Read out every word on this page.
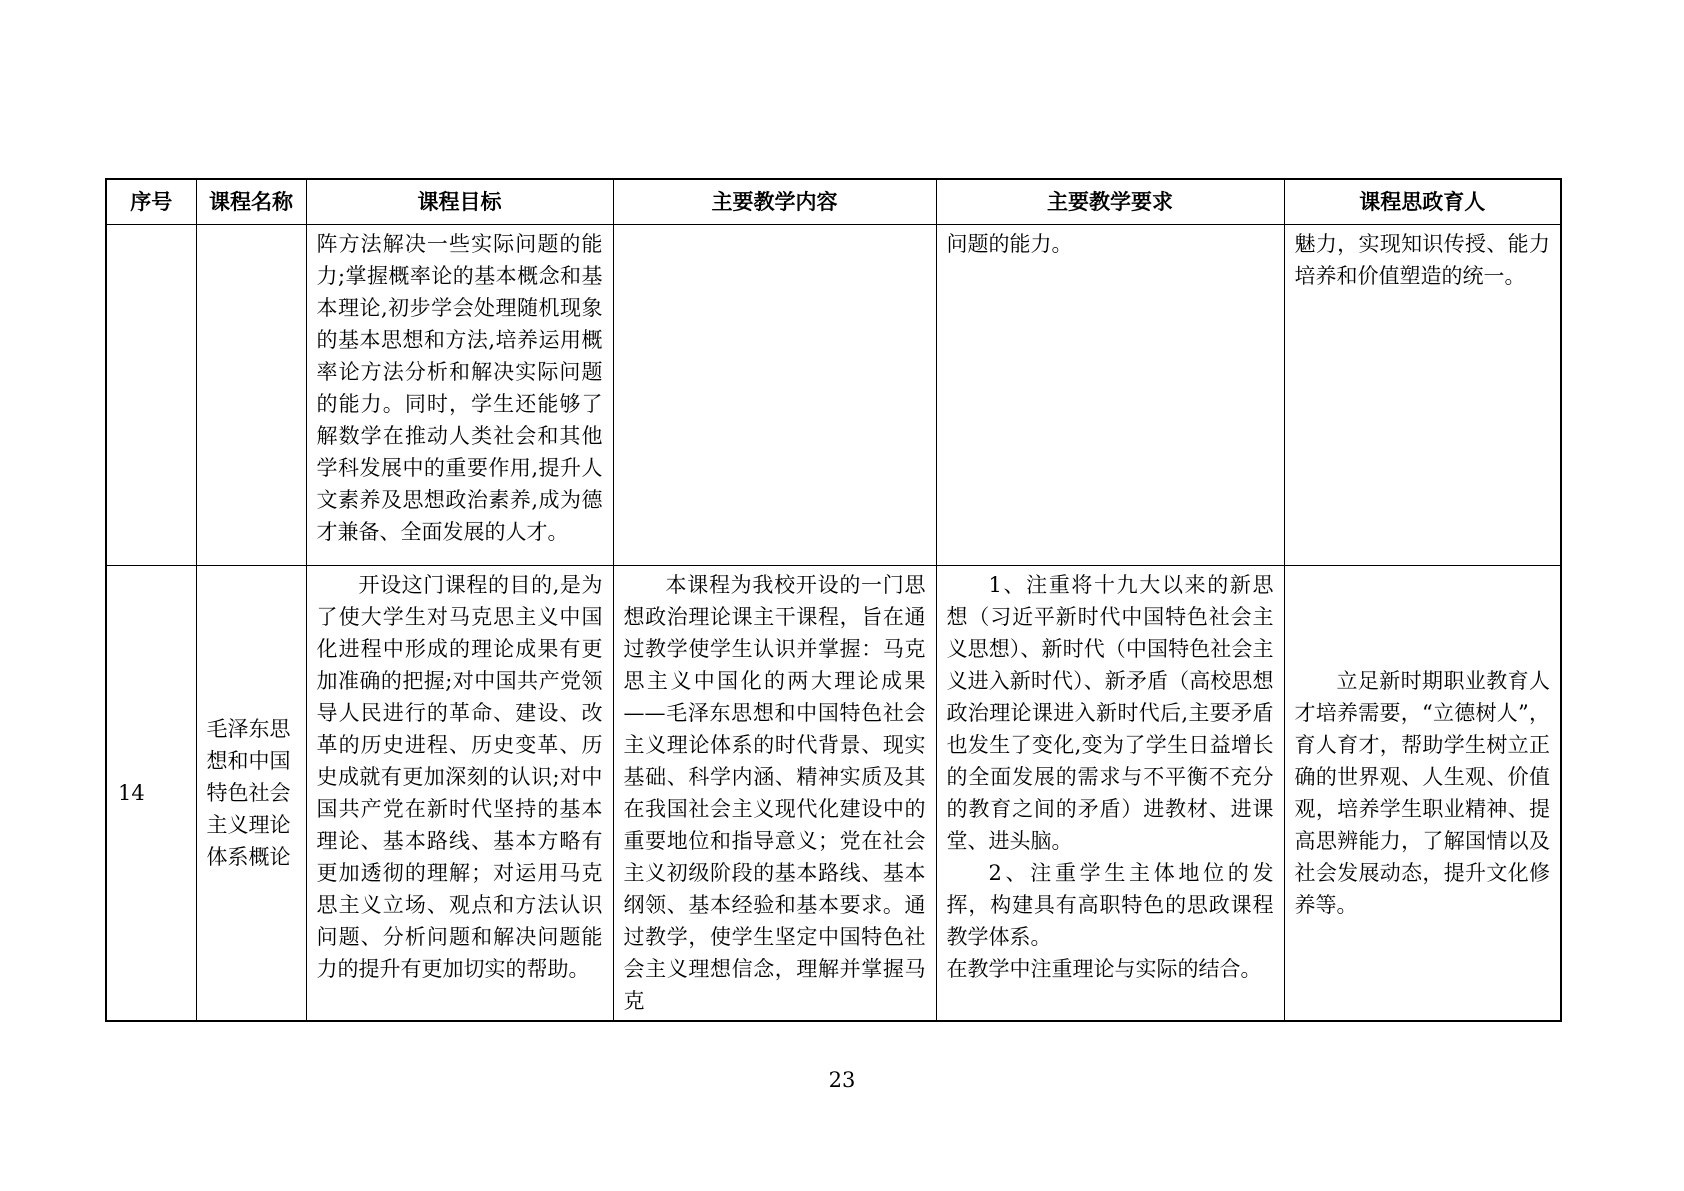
序号	课程名称	课程目标	主要教学内容	主要教学要求	课程思政育人

		阵方法解决一些实际问题的能力;掌握概率论的基本概念和基本理论,初步学会处理随机现象的基本思想和方法,培养运用概率论方法分析和解决实际问题的能力。同时，学生还能够了解数学在推动人类社会和其他学科发展中的重要作用,提升人文素养及思想政治素养,成为德才兼备、全面发展的人才。		问题的能力。	魅力，实现知识传授、能力培养和价值塑造的统一。

14	毛泽东思想和中国特色社会主义理论体系概论	开设这门课程的目的,是为了使大学生对马克思主义中国化进程中形成的理论成果有更加准确的把握;对中国共产党领导人民进行的革命、建设、改革的历史进程、历史变革、历史成就有更加深刻的认识;对中国共产党在新时代坚持的基本理论、基本路线、基本方略有更加透彻的理解；对运用马克思主义立场、观点和方法认识问题、分析问题和解决问题能力的提升有更加切实的帮助。	本课程为我校开设的一门思想政治理论课主干课程，旨在通过教学使学生认识并掌握：马克思主义中国化的两大理论成果——毛泽东思想和中国特色社会主义理论体系的时代背景、现实基础、科学内涵、精神实质及其在我国社会主义现代化建设中的重要地位和指导意义；党在社会主义初级阶段的基本路线、基本纲领、基本经验和基本要求。通过教学，使学生坚定中国特色社会主义理想信念，理解并掌握马克	1、注重将十九大以来的新思想（习近平新时代中国特色社会主义思想）、新时代（中国特色社会主义进入新时代）、新矛盾（高校思想政治理论课进入新时代后,主要矛盾也发生了变化,变为了学生日益增长的全面发展的需求与不平衡不充分的教育之间的矛盾）进教材、进课堂、进头脑。

2、注重学生主体地位的发挥，构建具有高职特色的思政课程教学体系。

在教学中注重理论与实际的结合。	立足新时期职业教育人才培养需要，“立德树人”，育人育才，帮助学生树立正确的世界观、人生观、价值观，培养学生职业精神、提高思辨能力，了解国情以及社会发展动态，提升文化修养等。

23
